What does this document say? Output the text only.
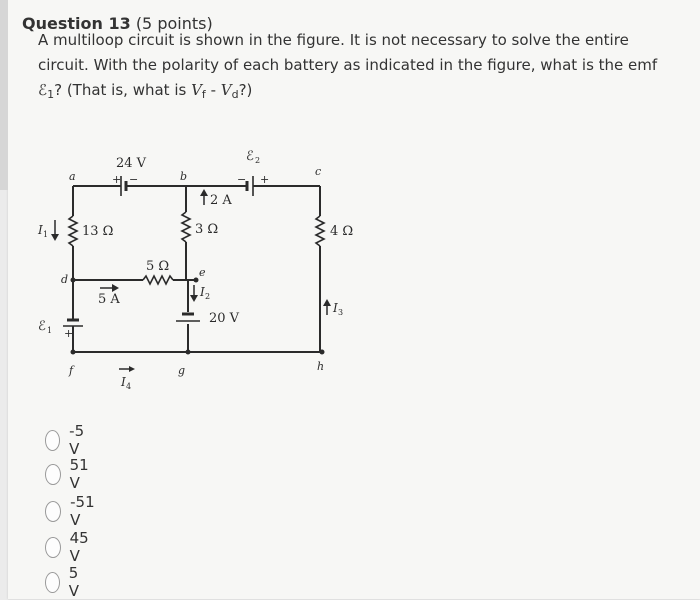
Question 13 (5 points)
A multiloop circuit is shown in the figure. It is not necessary to solve the entire
circuit. With the polarity of each battery as indicated in the figure, what is the emf
ℰ$_1$? (That is, what is $V_f$ - $V_d$?)
24 V	ℰ 2
+ −	− +
a	b	c
d
e
f	g	h
13 Ω	3 Ω	4 Ω
5 Ω
2 A
5 A
20 V
ℰ 1 +
I 1
I 2
I 3
I 4
-5 V
51 V
-51 V
45 V
5 V
